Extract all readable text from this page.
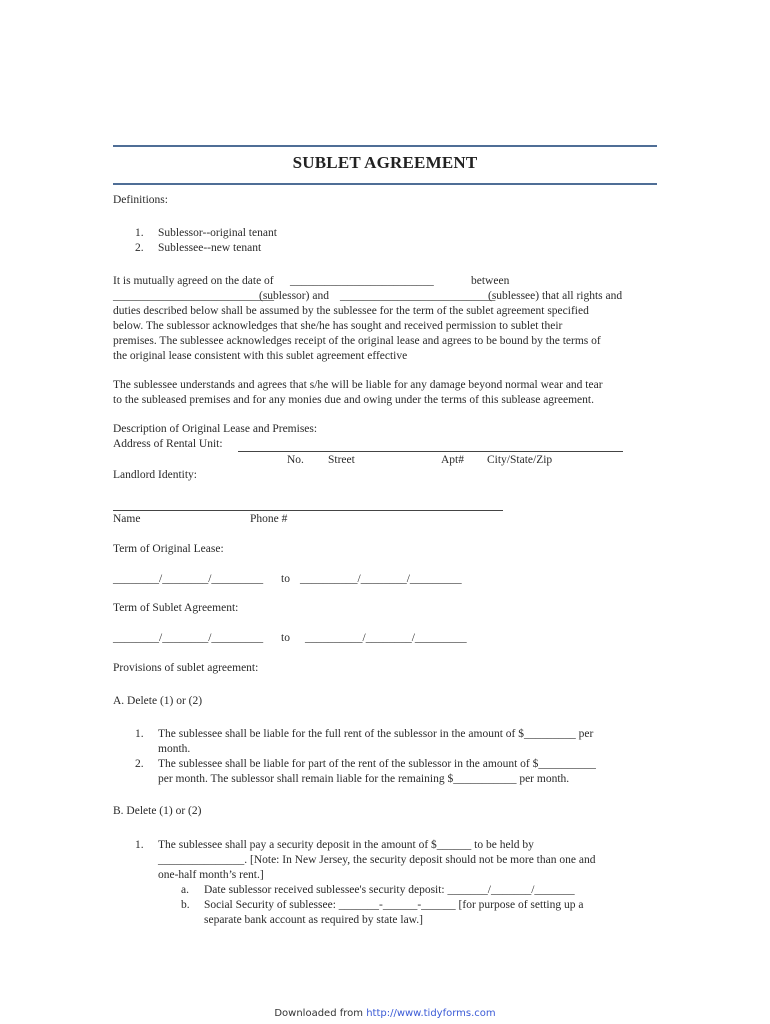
SUBLET AGREEMENT
Definitions:
1. Sublessor--original tenant
2. Sublessee--new tenant
It is mutually agreed on the date of _________________________	between
____________________________
(sublessor) and ___________________________
(sublessee) that all rights and
duties described below shall be assumed by the sublessee for the term of the sublet agreement specified
below. The sublessor acknowledges that she/he has sought and received permission to sublet their
premises. The sublessee acknowledges receipt of the original lease and agrees to be bound by the terms of
the original lease consistent with this sublet agreement effective
The sublessee understands and agrees that s/he will be liable for any damage beyond normal wear and tear
to the subleased premises and for any monies due and owing under the terms of this sublease agreement.
Description of Original Lease and Premises:
Address of Rental Unit:
No. Street	Apt# City/State/Zip
Landlord Identity:
Name	Phone #
Term of Original Lease:
________/________/_________ to __________/________/_________
Term of Sublet Agreement:
________/________/_________ to __________/________/_________
Provisions of sublet agreement:
A. Delete (1) or (2)
1. The sublessee shall be liable for the full rent of the sublessor in the amount of $_________ per
month.
2. The sublessee shall be liable for part of the rent of the sublessor in the amount of $__________
per month. The sublessor shall remain liable for the remaining $___________ per month.
B. Delete (1) or (2)
1. The sublessee shall pay a security deposit in the amount of $______ to be held by
_______________. [Note: In New Jersey, the security deposit should not be more than one and
one-half month’s rent.]
a. Date sublessor received sublessee's security deposit: _______/_______/_______
b. Social Security of sublessee: _______-______-______ [for purpose of setting up a
separate bank account as required by state law.]
Downloaded from http://www.tidyforms.com
